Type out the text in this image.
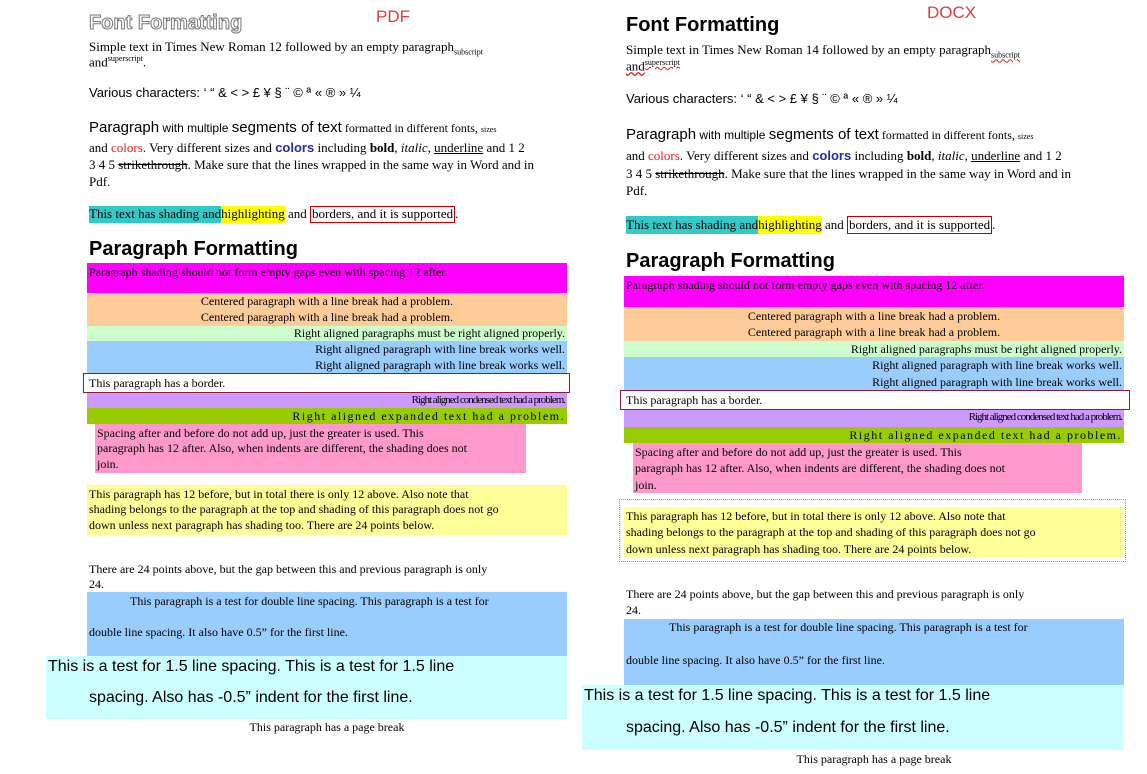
PDF
Font Formatting
Simple text in Times New Roman 12 followed by an empty paragraph$_{subscript}$
and$^{superscript}$.
Various characters: ‘ “ & < > £ ¥ § ¨ © ª « ® » ¼
Paragraph with multiple segments of text formatted in different fonts, sizes
and colors. Very different sizes and colors including bold, italic, underline and 1 2
3 4 5 strikethrough. Make sure that the lines wrapped in the same way in Word and in
Pdf.
This text has shading andhighlighting and borders, and it is supported .
Paragraph Formatting
Paragraph shading should not form empty gaps even with spacing 12 after.
Centered paragraph with a line break had a problem.
Centered paragraph with a line break had a problem.
Right aligned paragraphs must be right aligned properly.
Right aligned paragraph with line break works well.
Right aligned paragraph with line break works well.
This paragraph has a border.
Right aligned condensed text had a problem.
Right aligned expanded text had a problem.
Spacing after and before do not add up, just the greater is used. This
paragraph has 12 after. Also, when indents are different, the shading does not
join.
This paragraph has 12 before, but in total there is only 12 above. Also note that
shading belongs to the paragraph at the top and shading of this paragraph does not go
down unless next paragraph has shading too. There are 24 points below.
There are 24 points above, but the gap between this and previous paragraph is only
24.
This paragraph is a test for double line spacing. This paragraph is a test for
double line spacing. It also have 0.5” for the first line.
This is a test for 1.5 line spacing. This is a test for 1.5 line
spacing. Also has -0.5” indent for the first line.
This paragraph has a page break
DOCX
Font Formatting
Simple text in Times New Roman 14 followed by an empty paragraph$_{subscript}$
and$^{superscript}$
Various characters: ‘ “ & < > £ ¥ § ¨ © ª « ® » ¼
Paragraph with multiple segments of text formatted in different fonts, sizes
and colors. Very different sizes and colors including bold, italic, underline and 1 2
3 4 5 strikethrough. Make sure that the lines wrapped in the same way in Word and in
Pdf.
This text has shading andhighlighting and borders, and it is supported .
Paragraph Formatting
Paragraph shading should not form empty gaps even with spacing 12 after.
Centered paragraph with a line break had a problem.
Centered paragraph with a line break had a problem.
Right aligned paragraphs must be right aligned properly.
Right aligned paragraph with line break works well.
Right aligned paragraph with line break works well.
This paragraph has a border.
Right aligned condensed text had a problem.
Right aligned expanded text had a problem.
Spacing after and before do not add up, just the greater is used. This
paragraph has 12 after. Also, when indents are different, the shading does not
join.
This paragraph has 12 before, but in total there is only 12 above. Also note that
shading belongs to the paragraph at the top and shading of this paragraph does not go
down unless next paragraph has shading too. There are 24 points below.
There are 24 points above, but the gap between this and previous paragraph is only
24.
This paragraph is a test for double line spacing. This paragraph is a test for
double line spacing. It also have 0.5” for the first line.
This is a test for 1.5 line spacing. This is a test for 1.5 line
spacing. Also has -0.5” indent for the first line.
This paragraph has a page break
